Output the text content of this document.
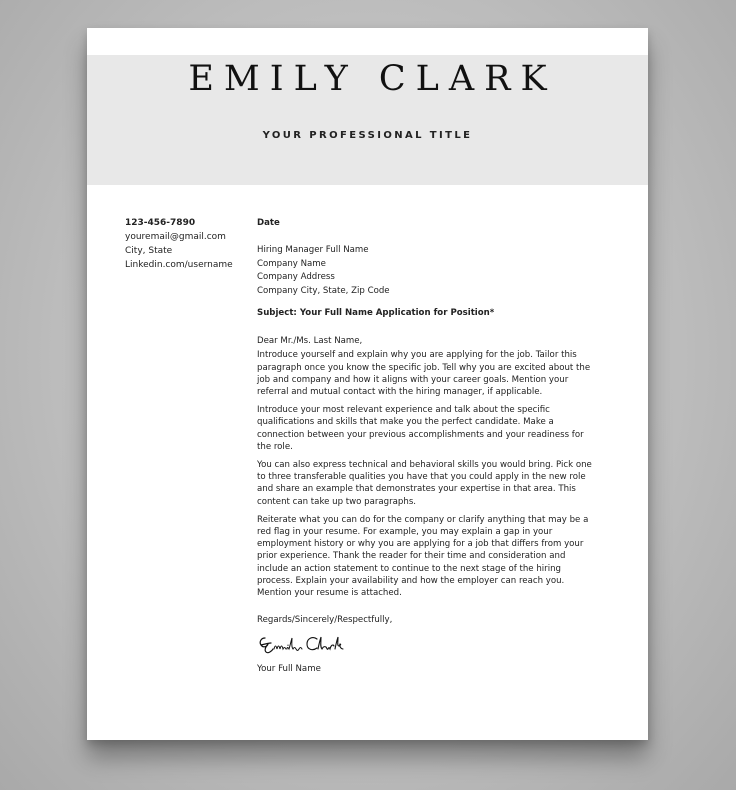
EMILY CLARK
YOUR PROFESSIONAL TITLE
123-456-7890
youremail@gmail.com
City, State
Linkedin.com/username
Date
Hiring Manager Full Name
Company Name
Company Address
Company City, State, Zip Code
Subject: Your Full Name Application for Position*
Dear Mr./Ms. Last Name,

Introduce yourself and explain why you are applying for the job. Tailor this paragraph once you know the specific job. Tell why you are excited about the job and company and how it aligns with your career goals. Mention your referral and mutual contact with the hiring manager, if applicable.

Introduce your most relevant experience and talk about the specific qualifications and skills that make you the perfect candidate. Make a connection between your previous accomplishments and your readiness for the role.

You can also express technical and behavioral skills you would bring. Pick one to three transferable qualities you have that you could apply in the new role and share an example that demonstrates your expertise in that area. This content can take up two paragraphs.

Reiterate what you can do for the company or clarify anything that may be a red flag in your resume. For example, you may explain a gap in your employment history or why you are applying for a job that differs from your prior experience. Thank the reader for their time and consideration and include an action statement to continue to the next stage of the hiring process. Explain your availability and how the employer can reach you. Mention your resume is attached.

Regards/Sincerely/Respectfully,
Your Full Name
